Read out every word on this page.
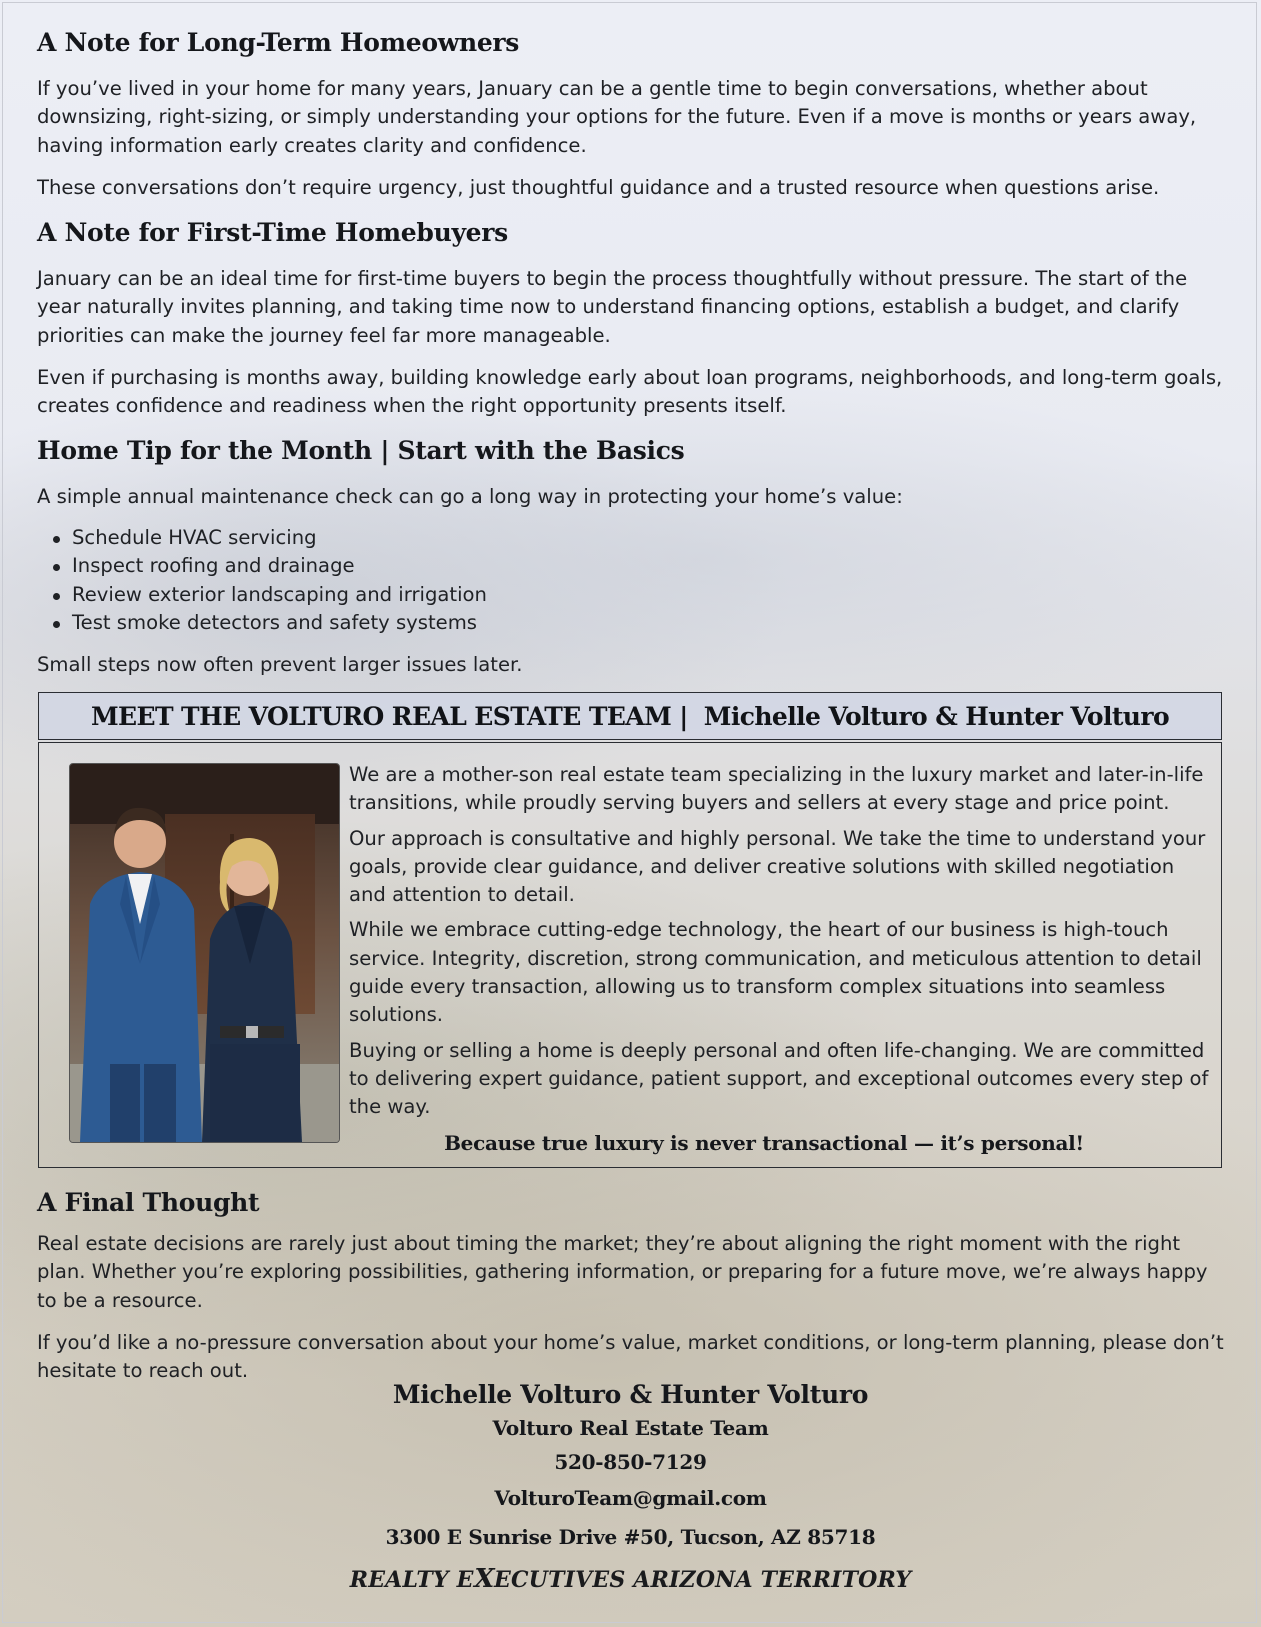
A Note for Long-Term Homeowners

If you’ve lived in your home for many years, January can be a gentle time to begin conversations, whether about downsizing, right-sizing, or simply understanding your options for the future. Even if a move is months or years away, having information early creates clarity and confidence.

These conversations don’t require urgency, just thoughtful guidance and a trusted resource when questions arise.

A Note for First-Time Homebuyers

January can be an ideal time for first-time buyers to begin the process thoughtfully without pressure. The start of the year naturally invites planning, and taking time now to understand financing options, establish a budget, and clarify priorities can make the journey feel far more manageable.

Even if purchasing is months away, building knowledge early about loan programs, neighborhoods, and long-term goals, creates confidence and readiness when the right opportunity presents itself.

Home Tip for the Month | Start with the Basics

A simple annual maintenance check can go a long way in protecting your home’s value:

Schedule HVAC servicing
Inspect roofing and drainage
Review exterior landscaping and irrigation
Test smoke detectors and safety systems

Small steps now often prevent larger issues later.

MEET THE VOLTURO REAL ESTATE TEAM | Michelle Volturo & Hunter Volturo

We are a mother-son real estate team specializing in the luxury market and later-in-life transitions, while proudly serving buyers and sellers at every stage and price point.

Our approach is consultative and highly personal. We take the time to understand your goals, provide clear guidance, and deliver creative solutions with skilled negotiation and attention to detail.

While we embrace cutting-edge technology, the heart of our business is high-touch service. Integrity, discretion, strong communication, and meticulous attention to detail guide every transaction, allowing us to transform complex situations into seamless solutions.

Buying or selling a home is deeply personal and often life-changing. We are committed to delivering expert guidance, patient support, and exceptional outcomes every step of the way.

Because true luxury is never transactional — it’s personal!
A Final Thought

Real estate decisions are rarely just about timing the market; they’re about aligning the right moment with the right plan. Whether you’re exploring possibilities, gathering information, or preparing for a future move, we’re always happy to be a resource.

If you’d like a no-pressure conversation about your home’s value, market conditions, or long-term planning, please don’t hesitate to reach out.

Michelle Volturo & Hunter Volturo

Volturo Real Estate Team

520-850-7129

VolturoTeam@gmail.com

3300 E Sunrise Drive #50, Tucson, AZ 85718

REALTY EXECUTIVES ARIZONA TERRITORY
